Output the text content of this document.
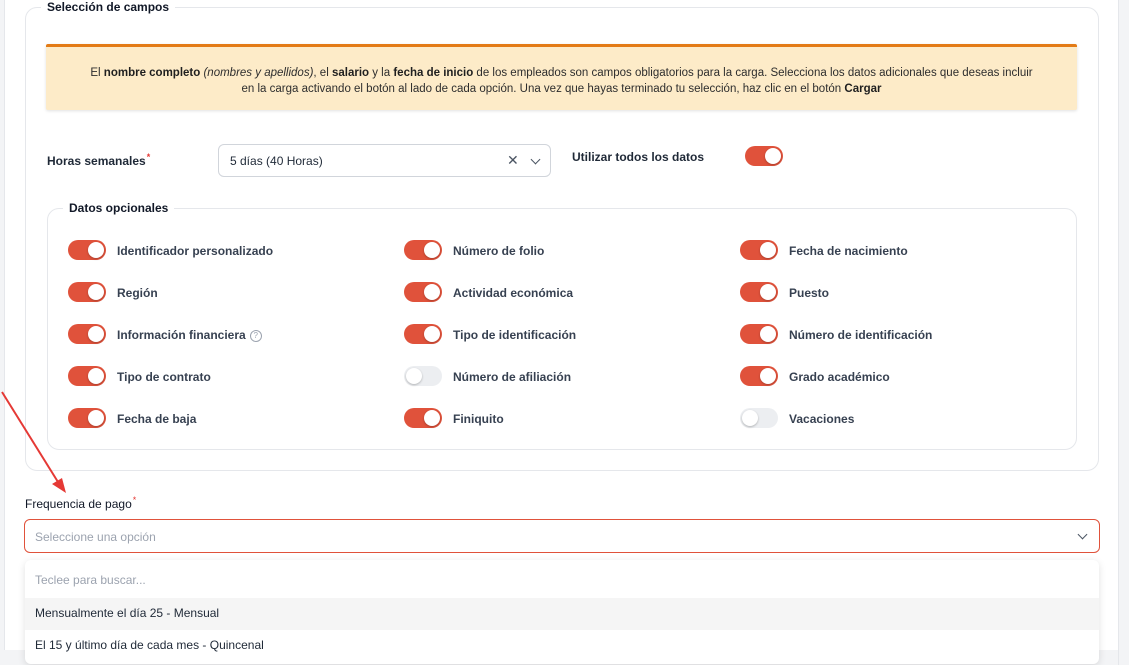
Selección de campos
El nombre completo (nombres y apellidos), el salario y la fecha de inicio de los empleados son campos obligatorios para la carga. Selecciona los datos adicionales que deseas incluir en la carga activando el botón al lado de cada opción. Una vez que hayas terminado tu selección, haz clic en el botón Cargar
Horas semanales*	5 días (40 Horas)	✕	Utilizar todos los datos
Datos opcionales
Identificador personalizado	Número de folio	Fecha de nacimiento
Región	Actividad económica	Puesto
Información financiera ?	Tipo de identificación	Número de identificación
Tipo de contrato	Número de afiliación	Grado académico
Fecha de baja	Finiquito	Vacaciones
Frequencia de pago*
Seleccione una opción
Teclee para buscar...
Mensualmente el día 25 - Mensual
El 15 y último día de cada mes - Quincenal
